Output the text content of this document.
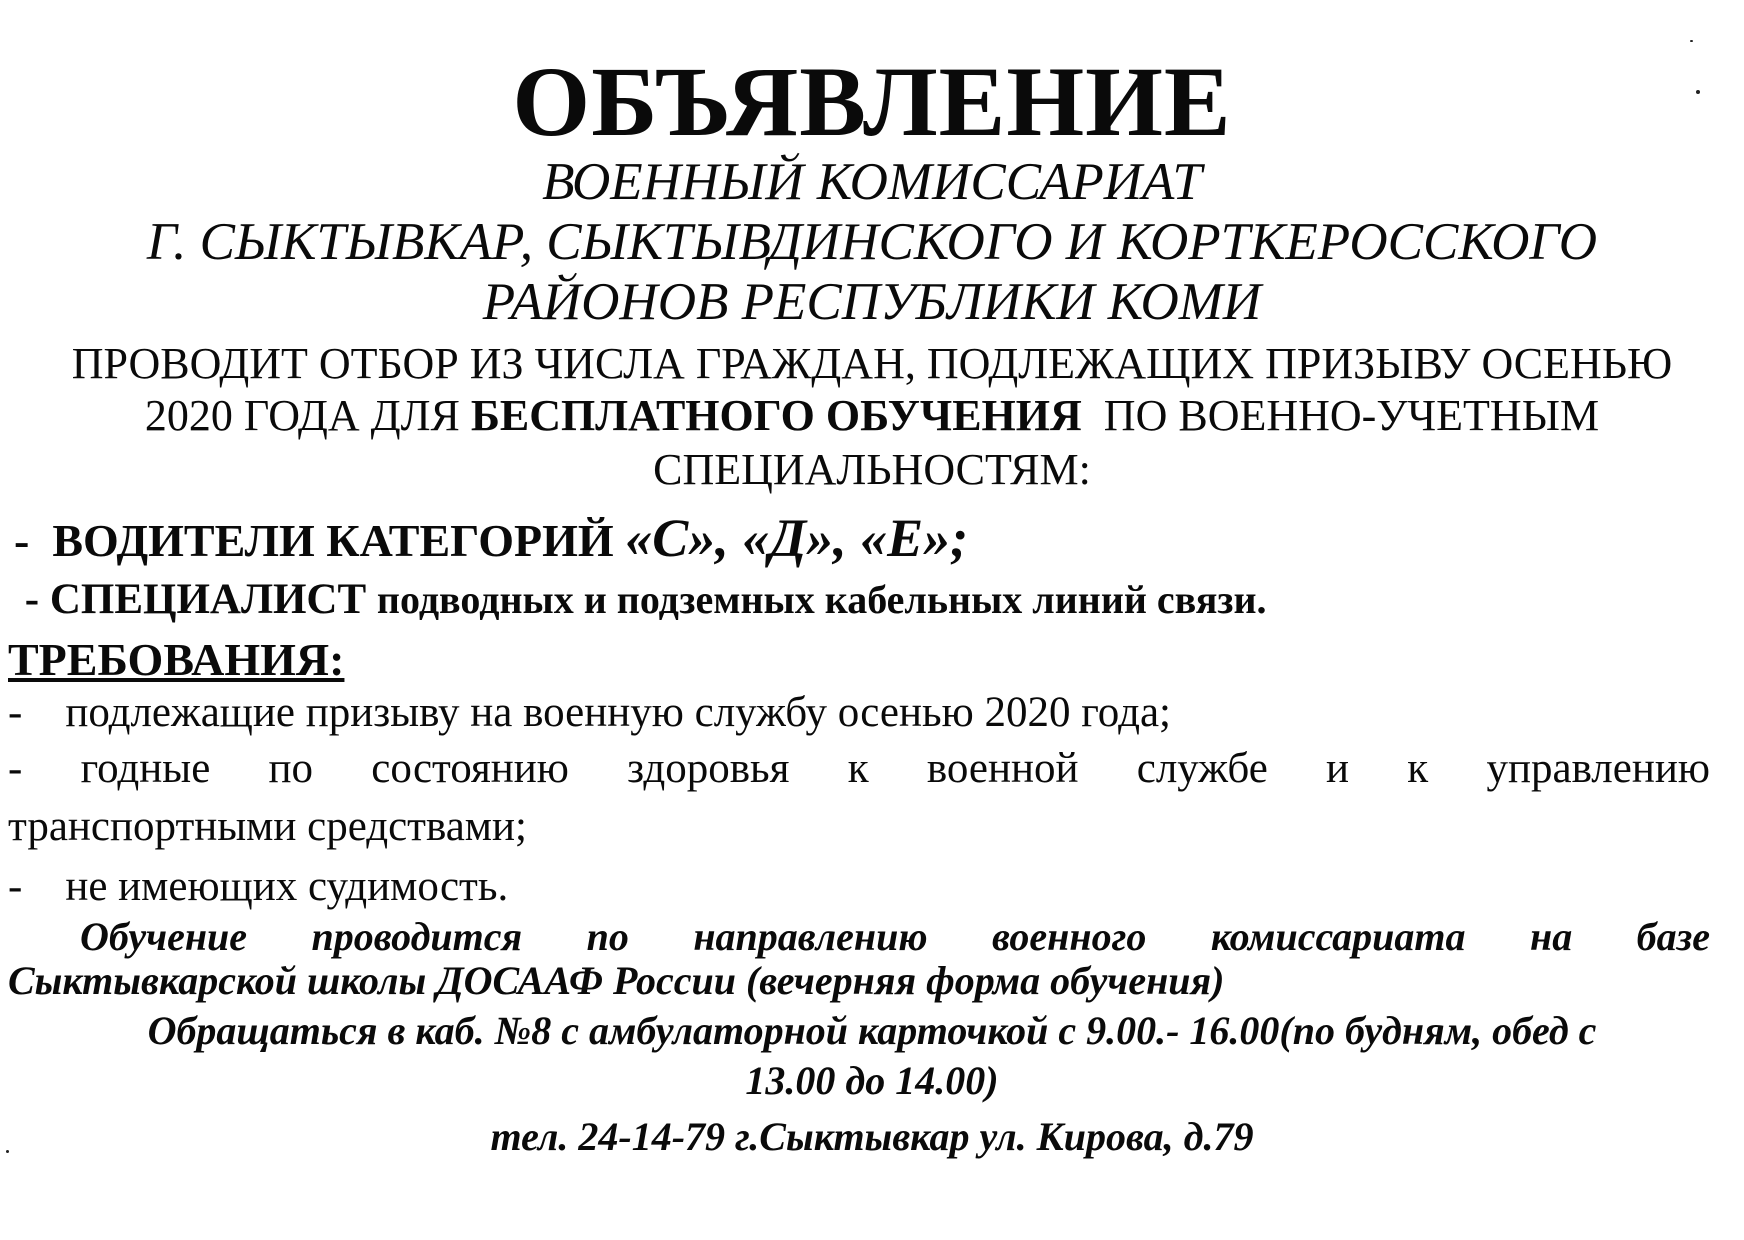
ОБЪЯВЛЕНИЕ
ВОЕННЫЙ КОМИССАРИАТ
Г. СЫКТЫВКАР, СЫКТЫВДИНСКОГО И КОРТКЕРОССКОГО
РАЙОНОВ РЕСПУБЛИКИ КОМИ
ПРОВОДИТ ОТБОР ИЗ ЧИСЛА ГРАЖДАН, ПОДЛЕЖАЩИХ ПРИЗЫВУ ОСЕНЬЮ
2020 ГОДА ДЛЯ БЕСПЛАТНОГО ОБУЧЕНИЯ  ПО ВОЕННО-УЧЕТНЫМ
СПЕЦИАЛЬНОСТЯМ:
-  ВОДИТЕЛИ КАТЕГОРИЙ «С», «Д», «Е»;
- СПЕЦИАЛИСТ подводных и подземных кабельных линий связи.
ТРЕБОВАНИЯ:
-    подлежащие призыву на военную службу осенью 2020 года;
- годные по состоянию здоровья к военной службе и к управлению
транспортными средствами;
-    не имеющих судимость.
Обучение проводится по направлению военного комиссариата на базе
Сыктывкарской школы ДОСААФ России (вечерняя форма обучения)
Обращаться в каб. №8 с амбулаторной карточкой с 9.00.- 16.00(по будням, обед с
13.00 до 14.00)
тел. 24-14-79 г.Сыктывкар ул. Кирова, д.79
